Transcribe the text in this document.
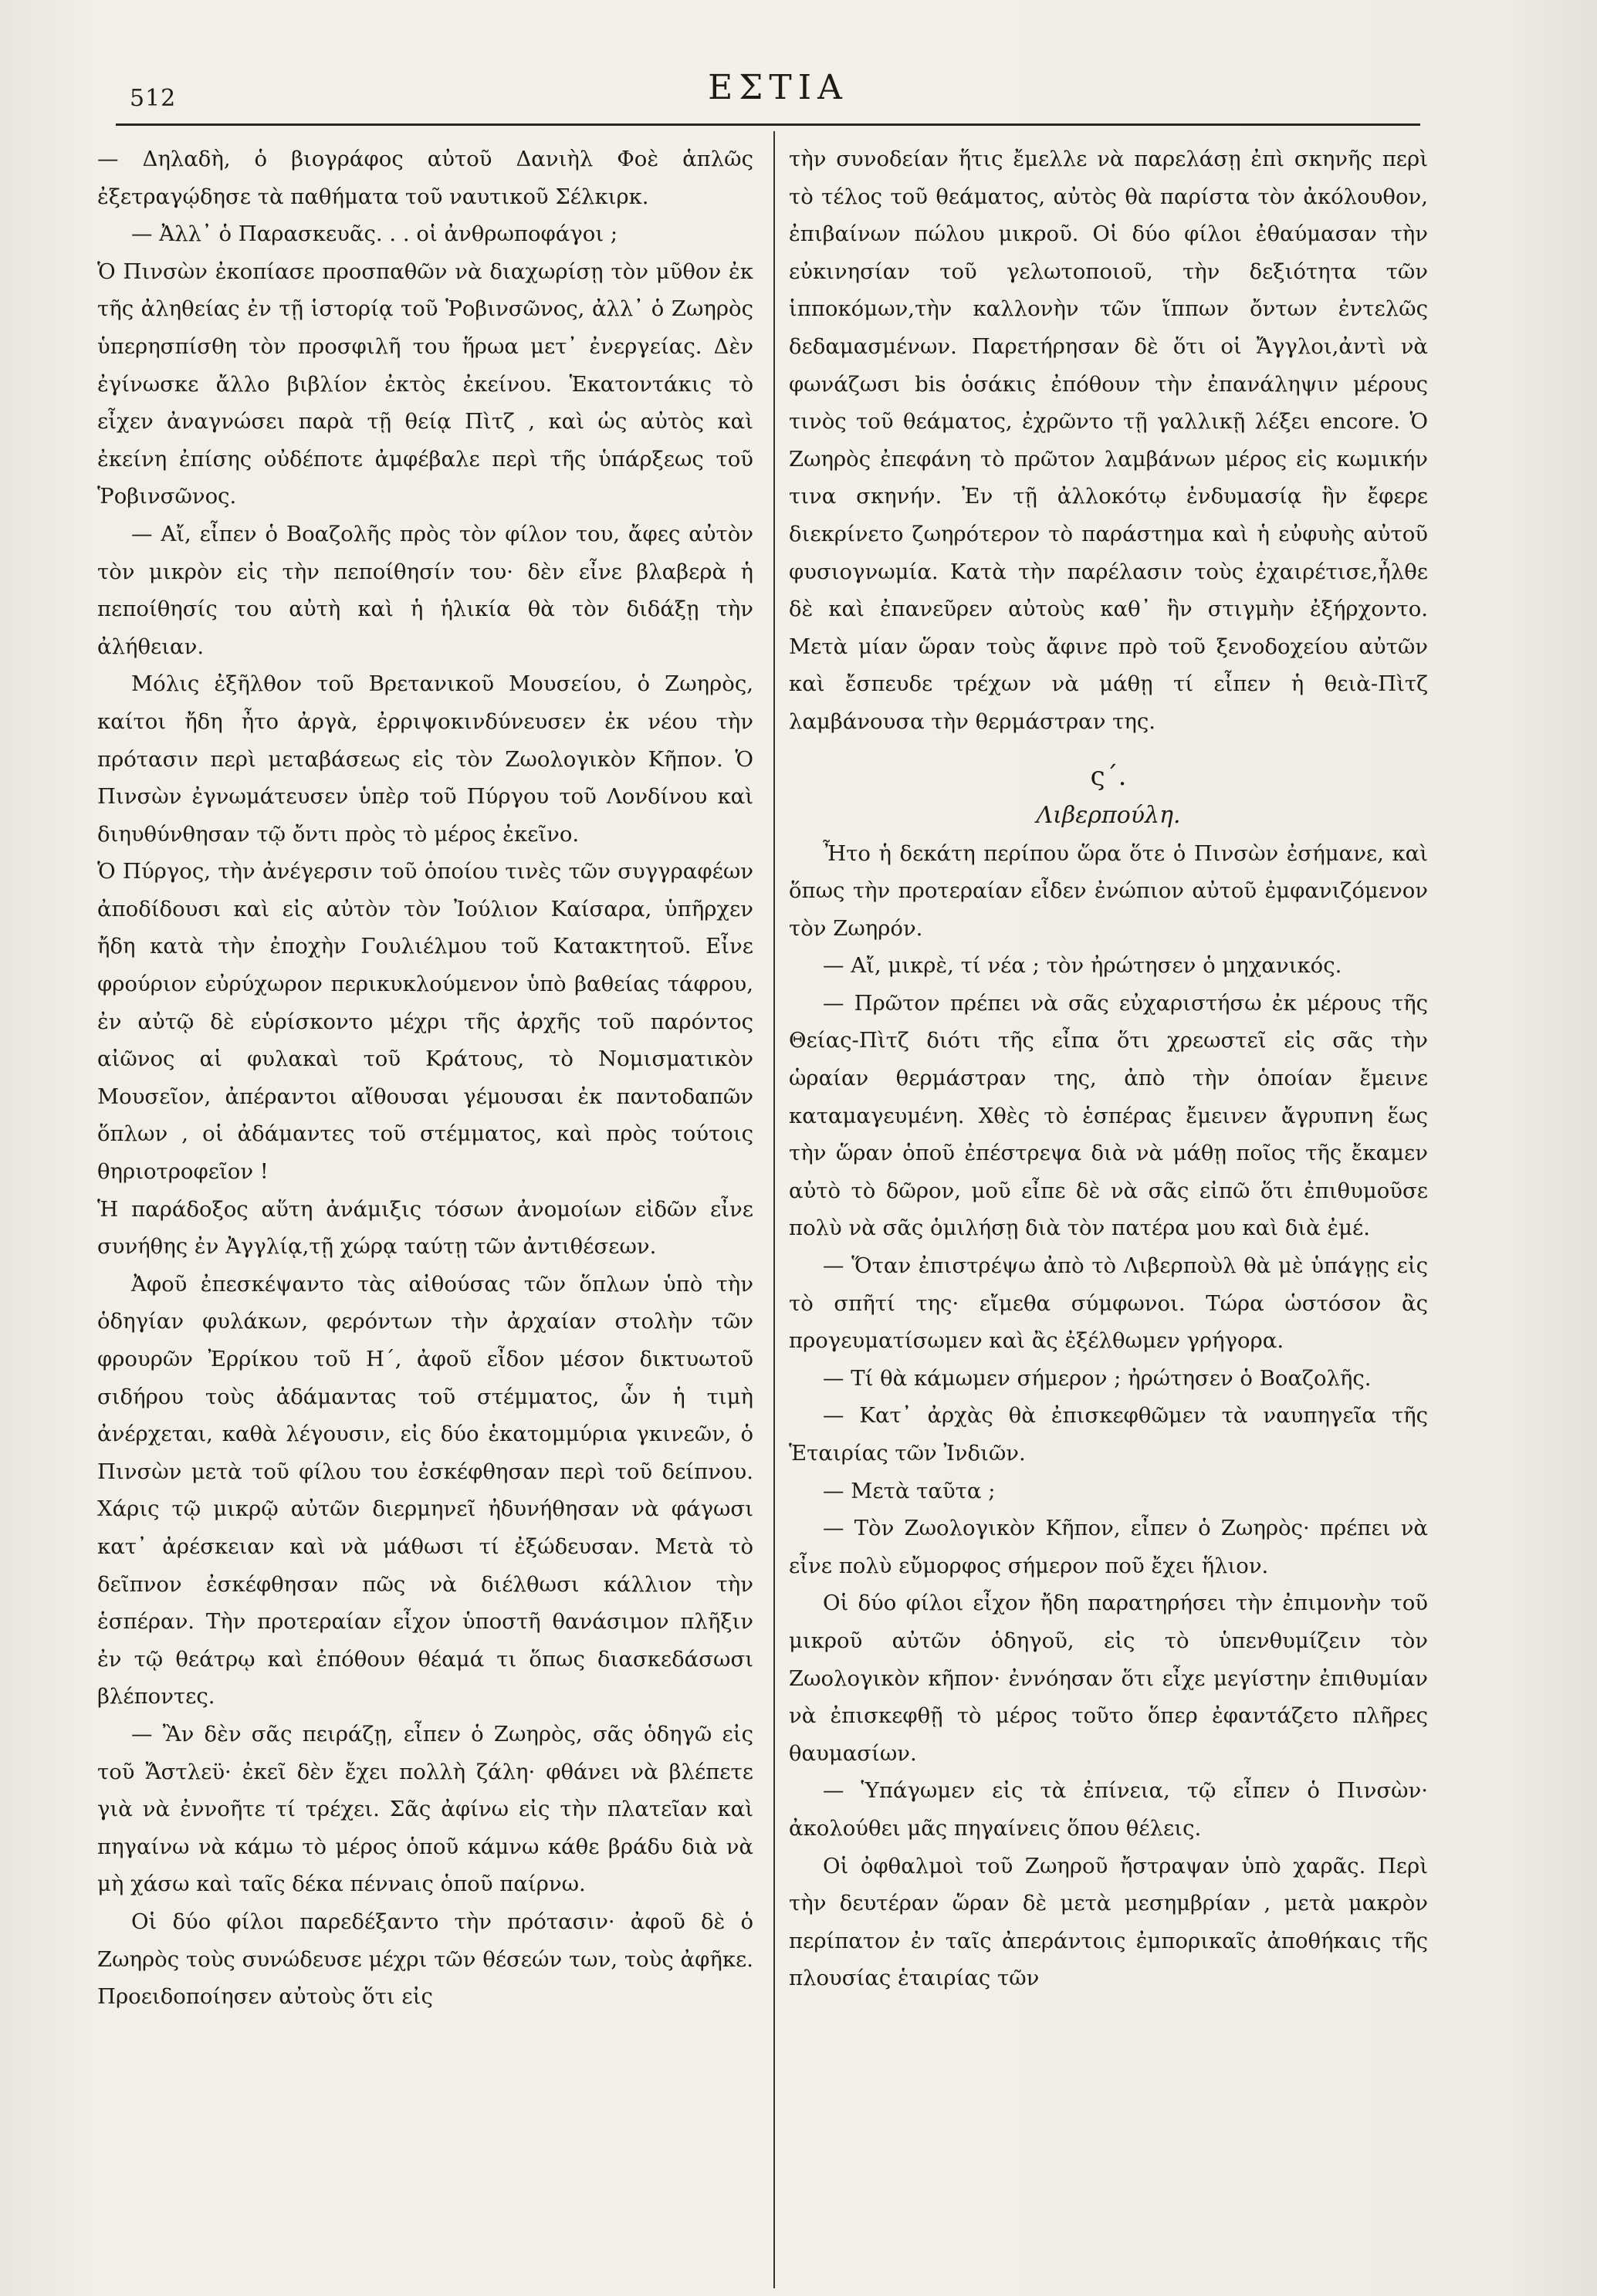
512	ΕΣΤΙΑ

— Δηλαδὴ, ὁ βιογράφος αὐτοῦ Δανιὴλ Φοὲ ἁπλῶς ἐξετραγῴδησε τὰ παθήματα τοῦ ναυτικοῦ Σέλκιρκ.

— Ἀλλ᾽ ὁ Παρασκευᾶς. . . οἱ ἀνθρωποφάγοι ;

Ὁ Πινσὼν ἐκοπίασε προσπαθῶν νὰ διαχωρίσῃ τὸν μῦθον ἐκ τῆς ἀληθείας ἐν τῇ ἱστορίᾳ τοῦ Ῥοβινσῶνος, ἀλλ᾽ ὁ Ζωηρὸς ὑπερησπίσθη τὸν προσφιλῆ του ἥρωα μετ᾽ ἐνεργείας. Δὲν ἐγίνωσκε ἄλλο βιβλίον ἐκτὸς ἐκείνου. Ἑκατοντάκις τὸ εἶχεν ἀναγνώσει παρὰ τῇ θείᾳ Πὶτζ , καὶ ὡς αὐτὸς καὶ ἐκείνη ἐπίσης οὐδέποτε ἀμφέβαλε περὶ τῆς ὑπάρξεως τοῦ Ῥοβινσῶνος.

— Αἴ, εἶπεν ὁ Βοαζολῆς πρὸς τὸν φίλον του, ἄφες αὐτὸν τὸν μικρὸν εἰς τὴν πεποίθησίν του· δὲν εἶνε βλαβερὰ ἡ πεποίθησίς του αὐτὴ καὶ ἡ ἡλικία θὰ τὸν διδάξῃ τὴν ἀλήθειαν.

Μόλις ἐξῆλθον τοῦ Βρετανικοῦ Μουσείου, ὁ Ζωηρὸς, καίτοι ἤδη ἦτο ἀργὰ, ἐρριψοκινδύνευσεν ἐκ νέου τὴν πρότασιν περὶ μεταβάσεως εἰς τὸν Ζωολογικὸν Κῆπον. Ὁ Πινσὼν ἐγνωμάτευσεν ὑπὲρ τοῦ Πύργου τοῦ Λονδίνου καὶ διηυθύνθησαν τῷ ὄντι πρὸς τὸ μέρος ἐκεῖνο.

Ὁ Πύργος, τὴν ἀνέγερσιν τοῦ ὁποίου τινὲς τῶν συγγραφέων ἀποδίδουσι καὶ εἰς αὐτὸν τὸν Ἰούλιον Καίσαρα, ὑπῆρχεν ἤδη κατὰ τὴν ἐποχὴν Γουλιέλμου τοῦ Κατακτητοῦ. Εἶνε φρούριον εὐρύχωρον περικυκλούμενον ὑπὸ βαθείας τάφρου, ἐν αὐτῷ δὲ εὑρίσκοντο μέχρι τῆς ἀρχῆς τοῦ παρόντος αἰῶνος αἱ φυλακαὶ τοῦ Κράτους, τὸ Νομισματικὸν Μουσεῖον, ἀπέραντοι αἴθουσαι γέμουσαι ἐκ παντοδαπῶν ὅπλων , οἱ ἀδάμαντες τοῦ στέμματος, καὶ πρὸς τούτοις θηριοτροφεῖον !

Ἡ παράδοξος αὕτη ἀνάμιξις τόσων ἀνομοίων εἰδῶν εἶνε συνήθης ἐν Ἀγγλίᾳ,τῇ χώρᾳ ταύτῃ τῶν ἀντιθέσεων.

Ἀφοῦ ἐπεσκέψαντο τὰς αἰθούσας τῶν ὅπλων ὑπὸ τὴν ὁδηγίαν φυλάκων, φερόντων τὴν ἀρχαίαν στολὴν τῶν φρουρῶν Ἐρρίκου τοῦ Η΄, ἀφοῦ εἶδον μέσον δικτυωτοῦ σιδήρου τοὺς ἀδάμαντας τοῦ στέμματος, ὧν ἡ τιμὴ ἀνέρχεται, καθὰ λέγουσιν, εἰς δύο ἑκατομμύρια γκινεῶν, ὁ Πινσὼν μετὰ τοῦ φίλου του ἐσκέφθησαν περὶ τοῦ δείπνου. Χάρις τῷ μικρῷ αὐτῶν διερμηνεῖ ἠδυνήθησαν νὰ φάγωσι κατ᾽ ἀρέσκειαν καὶ νὰ μάθωσι τί ἐξώδευσαν. Μετὰ τὸ δεῖπνον ἐσκέφθησαν πῶς νὰ διέλθωσι κάλλιον τὴν ἑσπέραν. Τὴν προτεραίαν εἶχον ὑποστῆ θανάσιμον πλῆξιν ἐν τῷ θεάτρῳ καὶ ἐπόθουν θέαμά τι ὅπως διασκεδάσωσι βλέποντες.

— Ἂν δὲν σᾶς πειράζῃ, εἶπεν ὁ Ζωηρὸς, σᾶς ὁδηγῶ εἰς τοῦ Ἄστλεϋ· ἐκεῖ δὲν ἔχει πολλὴ ζάλη· φθάνει νὰ βλέπετε γιὰ νὰ ἐννοῆτε τί τρέχει. Σᾶς ἀφίνω εἰς τὴν πλατεῖαν καὶ πηγαίνω νὰ κάμω τὸ μέρος ὁποῦ κάμνω κάθε βράδυ διὰ νὰ μὴ χάσω καὶ ταῖς δέκα πέννaις ὁποῦ παίρνω.

Οἱ δύο φίλοι παρεδέξαντο τὴν πρότασιν· ἀφοῦ δὲ ὁ Ζωηρὸς τοὺς συνώδευσε μέχρι τῶν θέσεών των, τοὺς ἀφῆκε. Προειδοποίησεν αὐτοὺς ὅτι εἰς

τὴν συνοδείαν ἥτις ἔμελλε νὰ παρελάσῃ ἐπὶ σκηνῆς περὶ τὸ τέλος τοῦ θεάματος, αὐτὸς θὰ παρίστα τὸν ἀκόλουθον, ἐπιβαίνων πώλου μικροῦ. Οἱ δύο φίλοι ἐθαύμασαν τὴν εὐκινησίαν τοῦ γελωτοποιοῦ, τὴν δεξιότητα τῶν ἱπποκόμων,τὴν καλλονὴν τῶν ἵππων ὄντων ἐντελῶς δεδαμασμένων. Παρετήρησαν δὲ ὅτι οἱ Ἄγγλοι,ἀντὶ νὰ φωνάζωσι bis ὁσάκις ἐπόθουν τὴν ἐπανάληψιν μέρους τινὸς τοῦ θεάματος, ἐχρῶντο τῇ γαλλικῇ λέξει encore. Ὁ Ζωηρὸς ἐπεφάνη τὸ πρῶτον λαμβάνων μέρος εἰς κωμικήν τινα σκηνήν. Ἐν τῇ ἀλλοκότῳ ἐνδυμασίᾳ ἣν ἔφερε διεκρίνετο ζωηρότερον τὸ παράστημα καὶ ἡ εὐφυὴς αὐτοῦ φυσιογνωμία. Κατὰ τὴν παρέλασιν τοὺς ἐχαιρέτισε,ἦλθε δὲ καὶ ἐπανεῦρεν αὐτοὺς καθ᾽ ἣν στιγμὴν ἐξήρχοντο. Μετὰ μίαν ὥραν τοὺς ἄφινε πρὸ τοῦ ξενοδοχείου αὐτῶν καὶ ἔσπευδε τρέχων νὰ μάθῃ τί εἶπεν ἡ θειὰ-Πὶτζ λαμβάνουσα τὴν θερμάστραν της.

ς΄.
Λιβερπούλη.

Ἦτο ἡ δεκάτη περίπου ὥρα ὅτε ὁ Πινσὼν ἐσήμανε, καὶ ὅπως τὴν προτεραίαν εἶδεν ἐνώπιον αὐτοῦ ἐμφανιζόμενον τὸν Ζωηρόν.

— Αἴ, μικρὲ, τί νέα ; τὸν ἠρώτησεν ὁ μηχανικός.

— Πρῶτον πρέπει νὰ σᾶς εὐχαριστήσω ἐκ μέρους τῆς Θείας-Πὶτζ διότι τῆς εἶπα ὅτι χρεωστεῖ εἰς σᾶς τὴν ὡραίαν θερμάστραν της, ἀπὸ τὴν ὁποίαν ἔμεινε καταμαγευμένη. Χθὲς τὸ ἑσπέρας ἔμεινεν ἄγρυπνη ἕως τὴν ὥραν ὁποῦ ἐπέστρεψα διὰ νὰ μάθῃ ποῖος τῆς ἔκαμεν αὐτὸ τὸ δῶρον, μοῦ εἶπε δὲ νὰ σᾶς εἰπῶ ὅτι ἐπιθυμοῦσε πολὺ νὰ σᾶς ὁμιλήσῃ διὰ τὸν πατέρα μου καὶ διὰ ἐμέ.

— Ὅταν ἐπιστρέψω ἀπὸ τὸ Λιβερποὺλ θὰ μὲ ὑπάγῃς εἰς τὸ σπῆτί της· εἴμεθα σύμφωνοι. Τώρα ὡστόσον ἂς προγευματίσωμεν καὶ ἂς ἐξέλθωμεν γρήγορα.

— Τί θὰ κάμωμεν σήμερον ; ἠρώτησεν ὁ Βοαζολῆς.

— Κατ᾽ ἀρχὰς θὰ ἐπισκεφθῶμεν τὰ ναυπηγεῖα τῆς Ἑταιρίας τῶν Ἰνδιῶν.

— Μετὰ ταῦτα ;

— Τὸν Ζωολογικὸν Κῆπον, εἶπεν ὁ Ζωηρὸς· πρέπει νὰ εἶνε πολὺ εὔμορφος σήμερον ποῦ ἔχει ἥλιον.

Οἱ δύο φίλοι εἶχον ἤδη παρατηρήσει τὴν ἐπιμονὴν τοῦ μικροῦ αὐτῶν ὁδηγοῦ, εἰς τὸ ὑπενθυμίζειν τὸν Ζωολογικὸν κῆπον· ἐννόησαν ὅτι εἶχε μεγίστην ἐπιθυμίαν νὰ ἐπισκεφθῇ τὸ μέρος τοῦτο ὅπερ ἐφαντάζετο πλῆρες θαυμασίων.

— Ὑπάγωμεν εἰς τὰ ἐπίνεια, τῷ εἶπεν ὁ Πινσὼν· ἀκολούθει μᾶς πηγαίνεις ὅπου θέλεις.

Οἱ ὀφθαλμοὶ τοῦ Ζωηροῦ ἤστραψαν ὑπὸ χαρᾶς. Περὶ τὴν δευτέραν ὥραν δὲ μετὰ μεσημβρίαν , μετὰ μακρὸν περίπατον ἐν ταῖς ἀπεράντοις ἐμπορικαῖς ἀποθήκαις τῆς πλουσίας ἑταιρίας τῶν
